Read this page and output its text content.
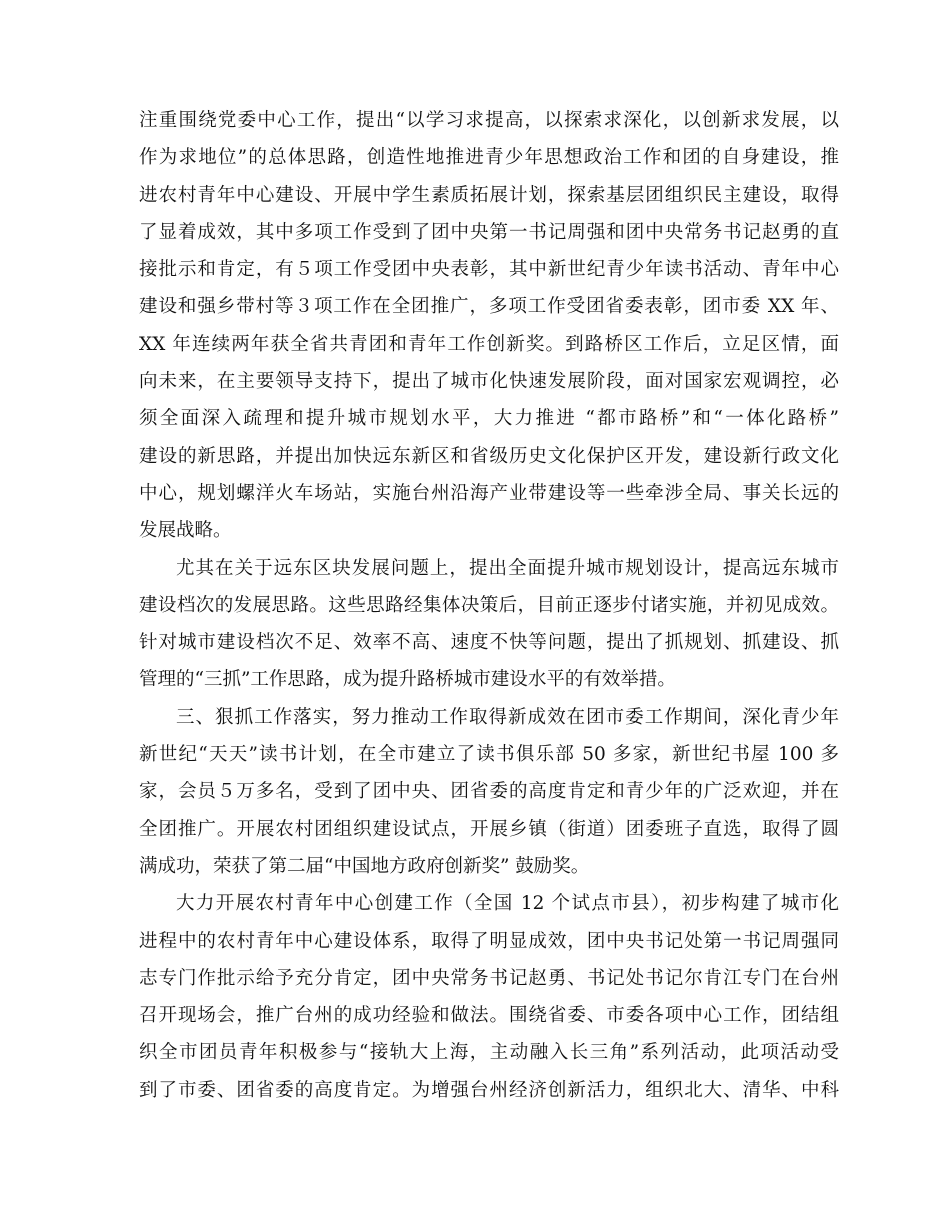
注重围绕党委中心工作，提出“以学习求提高，以探索求深化，以创新求发展，以
作为求地位”的总体思路，创造性地推进青少年思想政治工作和团的自身建设，推
进农村青年中心建设、开展中学生素质拓展计划，探索基层团组织民主建设，取得
了显着成效，其中多项工作受到了团中央第一书记周强和团中央常务书记赵勇的直
接批示和肯定，有５项工作受团中央表彰，其中新世纪青少年读书活动、青年中心
建设和强乡带村等３项工作在全团推广，多项工作受团省委表彰，团市委 XX 年、
XX 年连续两年获全省共青团和青年工作创新奖。到路桥区工作后，立足区情，面
向未来，在主要领导支持下，提出了城市化快速发展阶段，面对国家宏观调控，必
须全面深入疏理和提升城市规划水平，大力推进 “都市路桥”和“一体化路桥”
建设的新思路，并提出加快远东新区和省级历史文化保护区开发，建设新行政文化
中心，规划螺洋火车场站，实施台州沿海产业带建设等一些牵涉全局、事关长远的
发展战略。
尤其在关于远东区块发展问题上，提出全面提升城市规划设计，提高远东城市
建设档次的发展思路。这些思路经集体决策后，目前正逐步付诸实施，并初见成效。
针对城市建设档次不足、效率不高、速度不快等问题，提出了抓规划、抓建设、抓
管理的“三抓”工作思路，成为提升路桥城市建设水平的有效举措。
三、狠抓工作落实，努力推动工作取得新成效在团市委工作期间，深化青少年
新世纪“天天”读书计划，在全市建立了读书俱乐部 50 多家，新世纪书屋 100 多
家，会员５万多名，受到了团中央、团省委的高度肯定和青少年的广泛欢迎，并在
全团推广。开展农村团组织建设试点，开展乡镇（街道）团委班子直选，取得了圆
满成功，荣获了第二届“中国地方政府创新奖” 鼓励奖。
大力开展农村青年中心创建工作（全国 12 个试点市县），初步构建了城市化
进程中的农村青年中心建设体系，取得了明显成效，团中央书记处第一书记周强同
志专门作批示给予充分肯定，团中央常务书记赵勇、书记处书记尔肯江专门在台州
召开现场会，推广台州的成功经验和做法。围绕省委、市委各项中心工作，团结组
织全市团员青年积极参与“接轨大上海，主动融入长三角”系列活动，此项活动受
到了市委、团省委的高度肯定。为增强台州经济创新活力，组织北大、清华、中科
